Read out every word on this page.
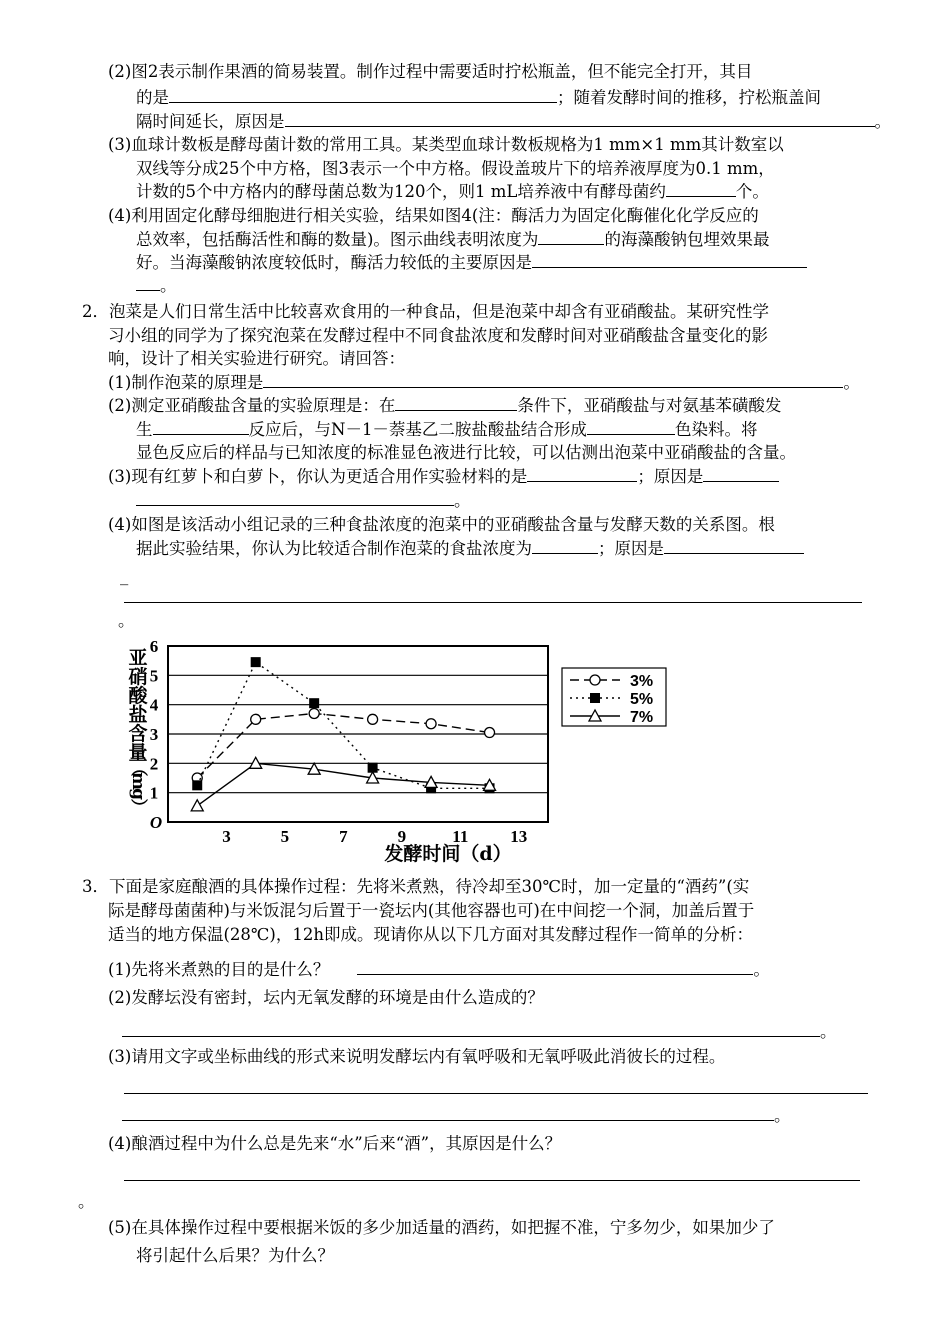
(2)图2表示制作果酒的简易装置。制作过程中需要适时拧松瓶盖，但不能完全打开，其目
的是	；随着发酵时间的推移，拧松瓶盖间
隔时间延长，原因是	。
(3)血球计数板是酵母菌计数的常用工具。某类型血球计数板规格为1 mm×1 mm其计数室以
双线等分成25个中方格，图3表示一个中方格。假设盖玻片下的培养液厚度为0.1 mm，
计数的5个中方格内的酵母菌总数为120个，则1 mL培养液中有酵母菌约	个。
(4)利用固定化酵母细胞进行相关实验，结果如图4(注：酶活力为固定化酶催化化学反应的
总效率，包括酶活性和酶的数量)。图示曲线表明浓度为	的海藻酸钠包埋效果最
好。当海藻酸钠浓度较低时，酶活力较低的主要原因是
。
2．泡菜是人们日常生活中比较喜欢食用的一种食品，但是泡菜中却含有亚硝酸盐。某研究性学
习小组的同学为了探究泡菜在发酵过程中不同食盐浓度和发酵时间对亚硝酸盐含量变化的影
响，设计了相关实验进行研究。请回答：
(1)制作泡菜的原理是	。
(2)测定亚硝酸盐含量的实验原理是：在	条件下，亚硝酸盐与对氨基苯磺酸发
生	反应后，与N－1－萘基乙二胺盐酸盐结合形成	色染料。将
显色反应后的样品与已知浓度的标准显色液进行比较，可以估测出泡菜中亚硝酸盐的含量。
(3)现有红萝卜和白萝卜，你认为更适合用作实验材料的是	；原因是
。
(4)如图是该活动小组记录的三种食盐浓度的泡菜中的亚硝酸盐含量与发酵天数的关系图。根
据此实验结果，你认为比较适合制作泡菜的食盐浓度为	；原因是
_
。
1
2
3
4
5
6
3	5	7	9	11 13
O
亚
硝
酸
盐
含
量
（
m
g
）
发酵时间（d）
3%
5%
7%
3．下面是家庭酿酒的具体操作过程：先将米煮熟，待冷却至30℃时，加一定量的“酒药”(实
际是酵母菌菌种)与米饭混匀后置于一瓷坛内(其他容器也可)在中间挖一个洞，加盖后置于
适当的地方保温(28℃)，12h即成。现请你从以下几方面对其发酵过程作一简单的分析：
(1)先将米煮熟的目的是什么？	。
(2)发酵坛没有密封，坛内无氧发酵的环境是由什么造成的？
。
(3)请用文字或坐标曲线的形式来说明发酵坛内有氧呼吸和无氧呼吸此消彼长的过程。
。
(4)酿酒过程中为什么总是先来“水”后来“酒”，其原因是什么？
。
(5)在具体操作过程中要根据米饭的多少加适量的酒药，如把握不准，宁多勿少，如果加少了
将引起什么后果？为什么？
